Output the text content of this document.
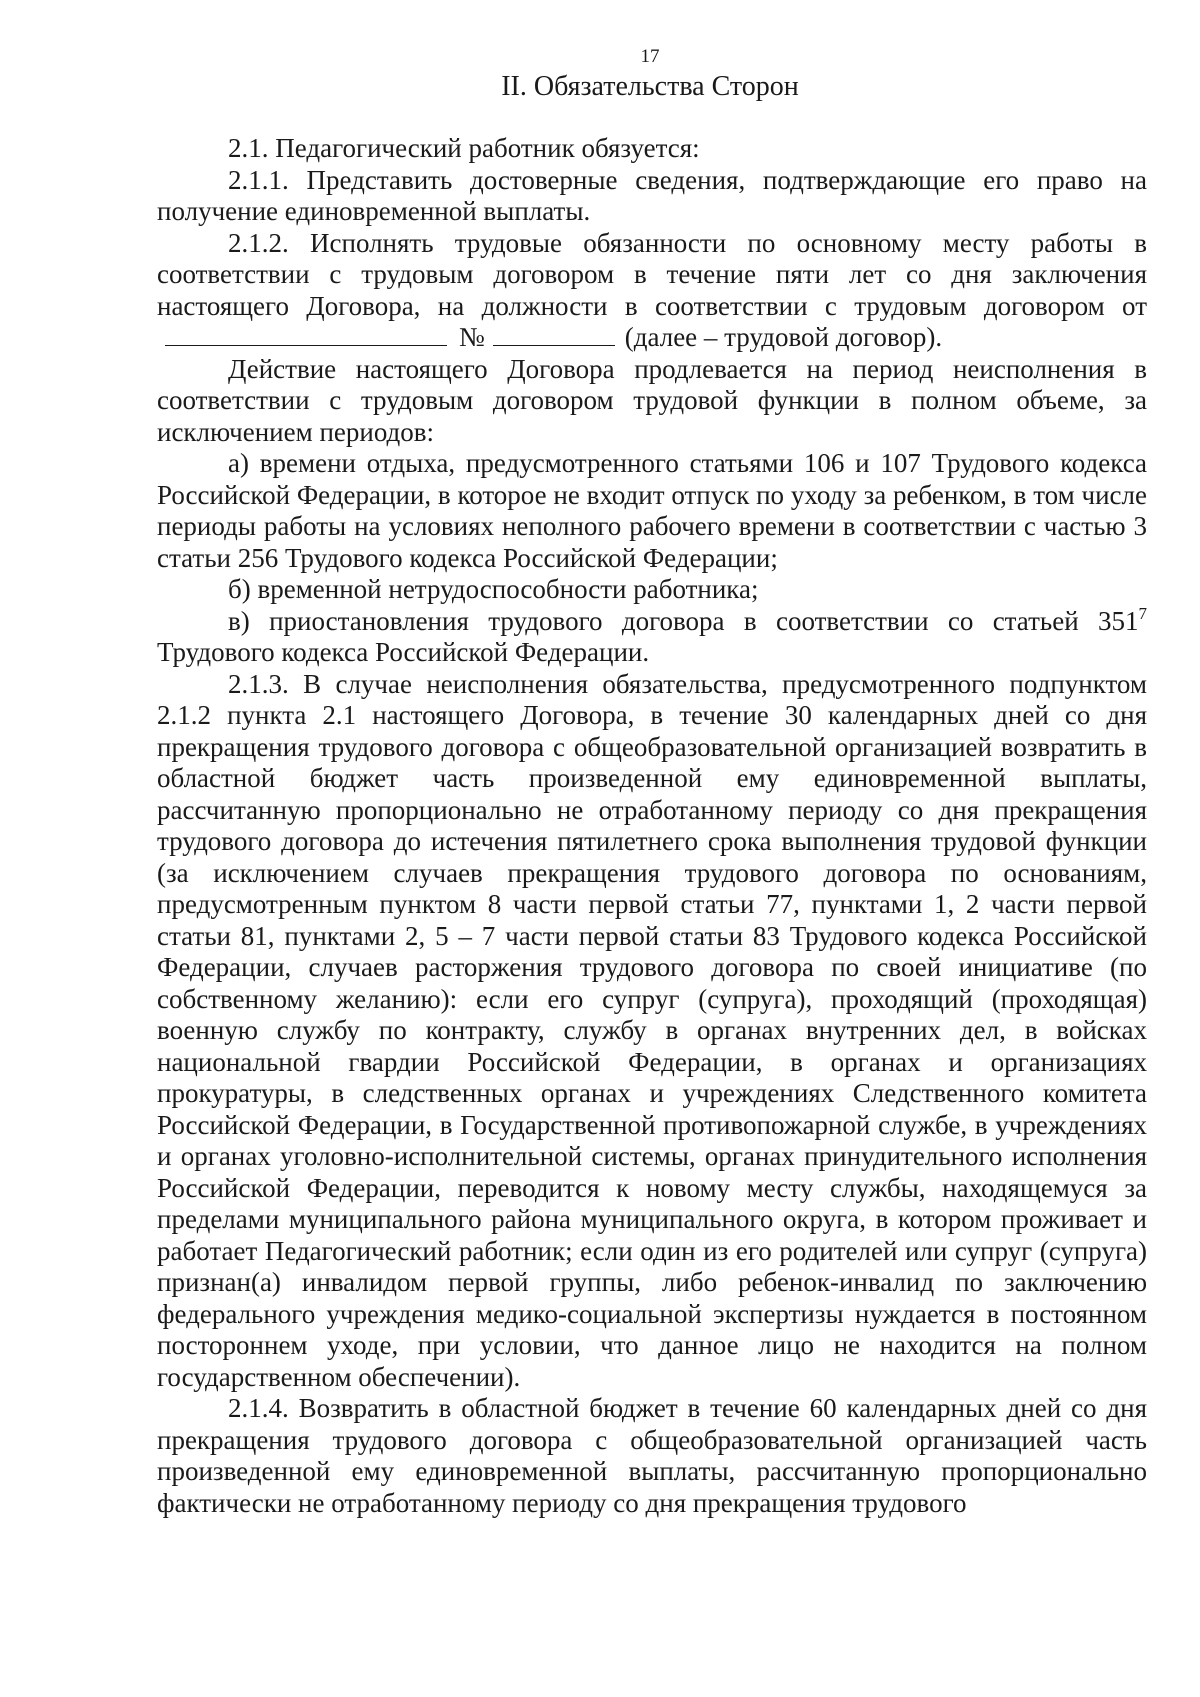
17
II. Обязательства Сторон

2.1. Педагогический работник обязуется:

2.1.1. Представить достоверные сведения, подтверждающие его право на получение единовременной выплаты.

2.1.2. Исполнять трудовые обязанности по основному месту работы в соответствии с трудовым договором в течение пяти лет со дня заключения настоящего Договора, на должности в соответствии с трудовым договором от№	(далее – трудовой договор).

Действие настоящего Договора продлевается на период неисполнения в соответствии с трудовым договором трудовой функции в полном объеме, за исключением периодов:

а) времени отдыха, предусмотренного статьями 106 и 107 Трудового кодекса Российской Федерации, в которое не входит отпуск по уходу за ребенком, в том числе периоды работы на условиях неполного рабочего времени в соответствии с частью 3 статьи 256 Трудового кодекса Российской Федерации;

б) временной нетрудоспособности работника;

в) приостановления трудового договора в соответствии со статьей $351^7$ Трудового кодекса Российской Федерации.

2.1.3. В случае неисполнения обязательства, предусмотренного подпунктом 2.1.2 пункта 2.1 настоящего Договора, в течение 30 календарных дней со дня прекращения трудового договора с общеобразовательной организацией возвратить в областной бюджет часть произведенной ему единовременной выплаты, рассчитанную пропорционально не отработанному периоду со дня прекращения трудового договора до истечения пятилетнего срока выполнения трудовой функции (за исключением случаев прекращения трудового договора по основаниям, предусмотренным пунктом 8 части первой статьи 77, пунктами 1, 2 части первой статьи 81, пунктами 2, 5 – 7 части первой статьи 83 Трудового кодекса Российской Федерации, случаев расторжения трудового договора по своей инициативе (по собственному желанию): если его супруг (супруга), проходящий (проходящая) военную службу по контракту, службу в органах внутренних дел, в войсках национальной гвардии Российской Федерации, в органах и организациях прокуратуры, в следственных органах и учреждениях Следственного комитета Российской Федерации, в Государственной противопожарной службе, в учреждениях и органах уголовно-исполнительной системы, органах принудительного исполнения Российской Федерации, переводится к новому месту службы, находящемуся за пределами муниципального района муниципального округа, в котором проживает и работает Педагогический работник; если один из его родителей или супруг (супруга) признан(а) инвалидом первой группы, либо ребенок-инвалид по заключению федерального учреждения медико-социальной экспертизы нуждается в постоянном постороннем уходе, при условии, что данное лицо не находится на полном государственном обеспечении).

2.1.4. Возвратить в областной бюджет в течение 60 календарных дней со дня прекращения трудового договора с общеобразовательной организацией часть произведенной ему единовременной выплаты, рассчитанную пропорционально фактически не отработанному периоду со дня прекращения трудового
